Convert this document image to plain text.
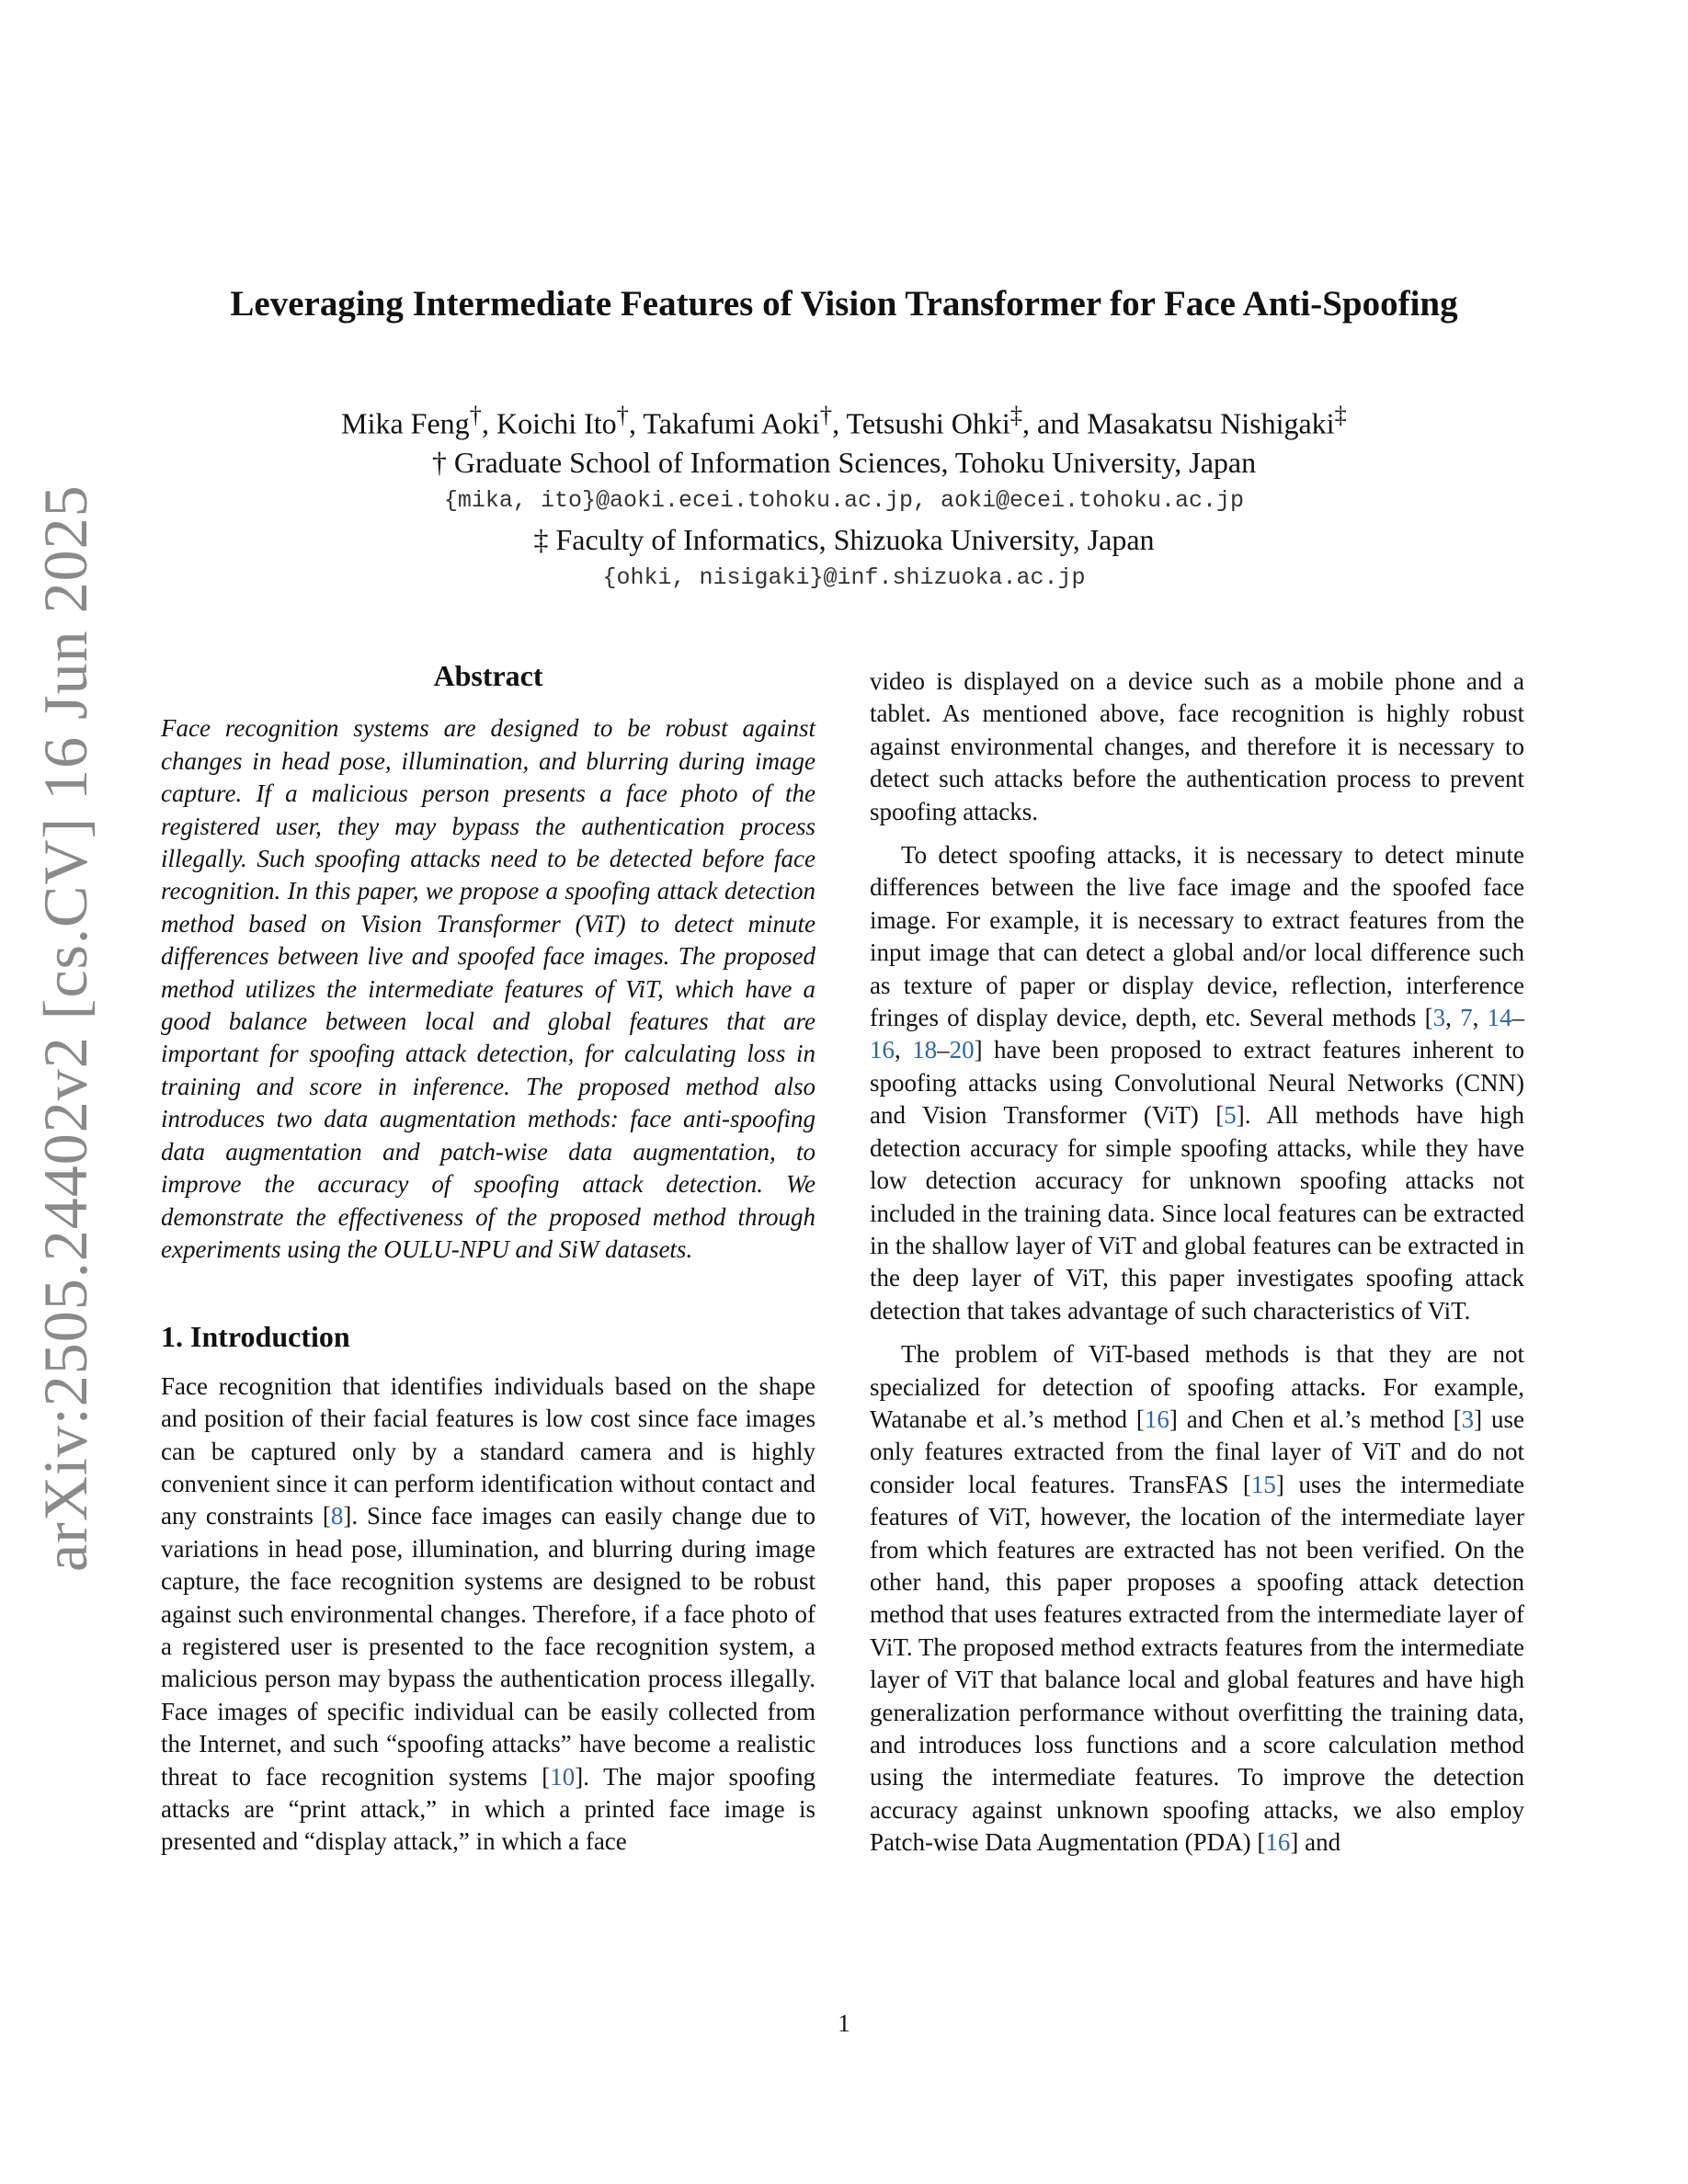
arXiv:2505.24402v2 [cs.CV] 16 Jun 2025
Leveraging Intermediate Features of Vision Transformer for Face Anti-Spoofing
Mika Feng†, Koichi Ito†, Takafumi Aoki†, Tetsushi Ohki‡, and Masakatsu Nishigaki‡
† Graduate School of Information Sciences, Tohoku University, Japan
{mika, ito}@aoki.ecei.tohoku.ac.jp, aoki@ecei.tohoku.ac.jp
‡ Faculty of Informatics, Shizuoka University, Japan
{ohki, nisigaki}@inf.shizuoka.ac.jp
Abstract

Face recognition systems are designed to be robust against changes in head pose, illumination, and blurring during image capture. If a malicious person presents a face photo of the registered user, they may bypass the authentication process illegally. Such spoofing attacks need to be detected before face recognition. In this paper, we propose a spoofing attack detection method based on Vision Transformer (ViT) to detect minute differences between live and spoofed face images. The proposed method utilizes the intermediate features of ViT, which have a good balance between local and global features that are important for spoofing attack detection, for calculating loss in training and score in inference. The proposed method also introduces two data augmentation methods: face anti-spoofing data augmentation and patch-wise data augmentation, to improve the accuracy of spoofing attack detection. We demonstrate the effectiveness of the proposed method through experiments using the OULU-NPU and SiW datasets.

1. Introduction

Face recognition that identifies individuals based on the shape and position of their facial features is low cost since face images can be captured only by a standard camera and is highly convenient since it can perform identification without contact and any constraints [8]. Since face images can easily change due to variations in head pose, illumination, and blurring during image capture, the face recognition systems are designed to be robust against such environmental changes. Therefore, if a face photo of a registered user is presented to the face recognition system, a malicious person may bypass the authentication process illegally. Face images of specific individual can be easily collected from the Internet, and such “spoofing attacks” have become a realistic threat to face recognition systems [10]. The major spoofing attacks are “print attack,” in which a printed face image is presented and “display attack,” in which a face

video is displayed on a device such as a mobile phone and a tablet. As mentioned above, face recognition is highly robust against environmental changes, and therefore it is necessary to detect such attacks before the authentication process to prevent spoofing attacks.

To detect spoofing attacks, it is necessary to detect minute differences between the live face image and the spoofed face image. For example, it is necessary to extract features from the input image that can detect a global and/or local difference such as texture of paper or display device, reflection, interference fringes of display device, depth, etc. Several methods [3, 7, 14–16, 18–20] have been proposed to extract features inherent to spoofing attacks using Convolutional Neural Networks (CNN) and Vision Transformer (ViT) [5]. All methods have high detection accuracy for simple spoofing attacks, while they have low detection accuracy for unknown spoofing attacks not included in the training data. Since local features can be extracted in the shallow layer of ViT and global features can be extracted in the deep layer of ViT, this paper investigates spoofing attack detection that takes advantage of such characteristics of ViT.

The problem of ViT-based methods is that they are not specialized for detection of spoofing attacks. For example, Watanabe et al.’s method [16] and Chen et al.’s method [3] use only features extracted from the final layer of ViT and do not consider local features. TransFAS [15] uses the intermediate features of ViT, however, the location of the intermediate layer from which features are extracted has not been verified. On the other hand, this paper proposes a spoofing attack detection method that uses features extracted from the intermediate layer of ViT. The proposed method extracts features from the intermediate layer of ViT that balance local and global features and have high generalization performance without overfitting the training data, and introduces loss functions and a score calculation method using the intermediate features. To improve the detection accuracy against unknown spoofing attacks, we also employ Patch-wise Data Augmentation (PDA) [16] and

1
